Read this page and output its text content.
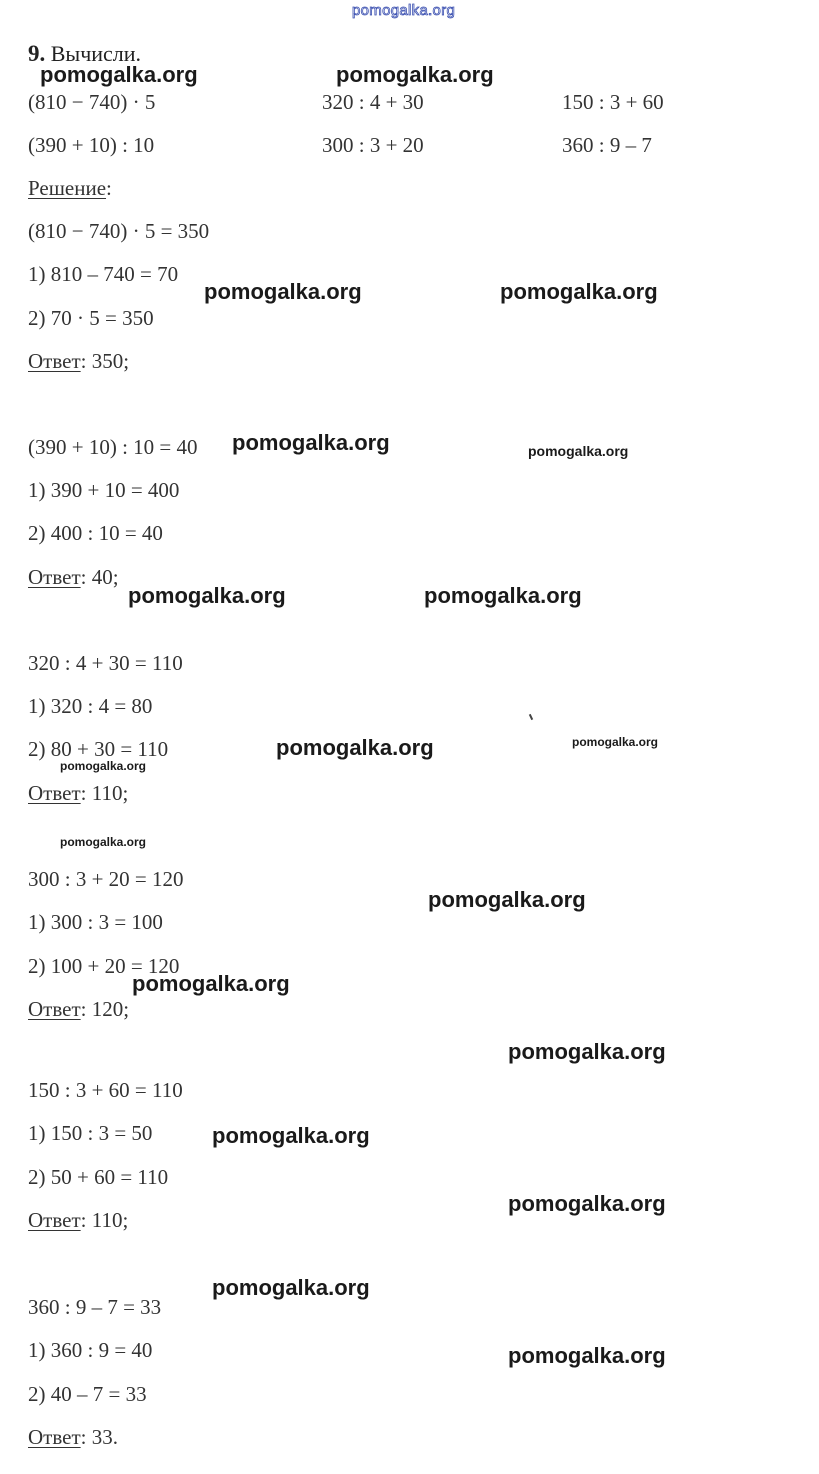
pomogalka.org
9. Вычисли.
(810 − 740) · 5	320 : 4 + 30	150 : 3 + 60
(390 + 10) : 10	300 : 3 + 20	360 : 9 – 7
Решение:
(810 − 740) · 5 = 350
1) 810 – 740 = 70
2) 70 · 5 = 350
Ответ: 350;
(390 + 10) : 10 = 40
1) 390 + 10 = 400
2) 400 : 10 = 40
Ответ: 40;
320 : 4 + 30 = 110
1) 320 : 4 = 80
2) 80 + 30 = 110
Ответ: 110;
300 : 3 + 20 = 120
1) 300 : 3 = 100
2) 100 + 20 = 120
Ответ: 120;
150 : 3 + 60 = 110
1) 150 : 3 = 50
2) 50 + 60 = 110
Ответ: 110;
360 : 9 – 7 = 33
1) 360 : 9 = 40
2) 40 – 7 = 33
Ответ: 33.
pomogalka.org	pomogalka.org
pomogalka.org	pomogalka.org
pomogalka.org	pomogalka.org
pomogalka.org	pomogalka.org
pomogalka.org	pomogalka.org
pomogalka.org
pomogalka.org
pomogalka.org
pomogalka.org
pomogalka.org
pomogalka.org
pomogalka.org
pomogalka.org
pomogalka.org
